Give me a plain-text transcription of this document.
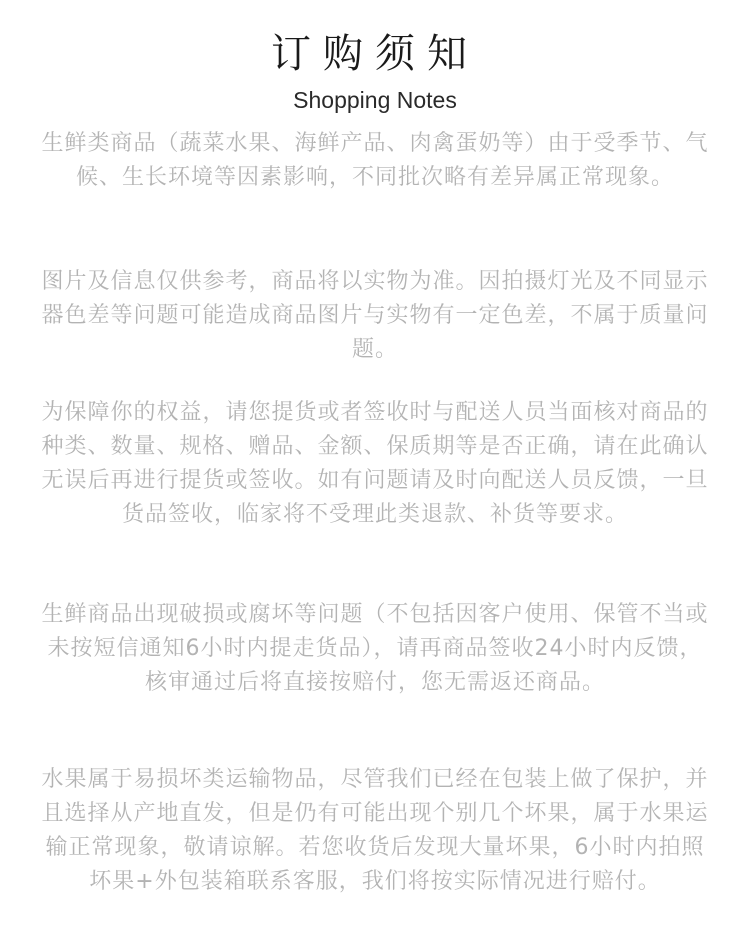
订购须知

Shopping Notes

生鲜类商品（蔬菜水果、海鲜产品、肉禽蛋奶等）由于受季节、气候、生长环境等因素影响，不同批次略有差异属正常现象。

图片及信息仅供参考，商品将以实物为准。因拍摄灯光及不同显示器色差等问题可能造成商品图片与实物有一定色差，不属于质量问题。

为保障你的权益，请您提货或者签收时与配送人员当面核对商品的种类、数量、规格、赠品、金额、保质期等是否正确，请在此确认无误后再进行提货或签收。如有问题请及时向配送人员反馈，一旦货品签收，临家将不受理此类退款、补货等要求。

生鲜商品出现破损或腐坏等问题（不包括因客户使用、保管不当或未按短信通知6小时内提走货品），请再商品签收24小时内反馈，核审通过后将直接按赔付，您无需返还商品。

水果属于易损坏类运输物品，尽管我们已经在包装上做了保护，并且选择从产地直发，但是仍有可能出现个别几个坏果，属于水果运输正常现象，敬请谅解。若您收货后发现大量坏果，6小时内拍照坏果+外包装箱联系客服，我们将按实际情况进行赔付。
